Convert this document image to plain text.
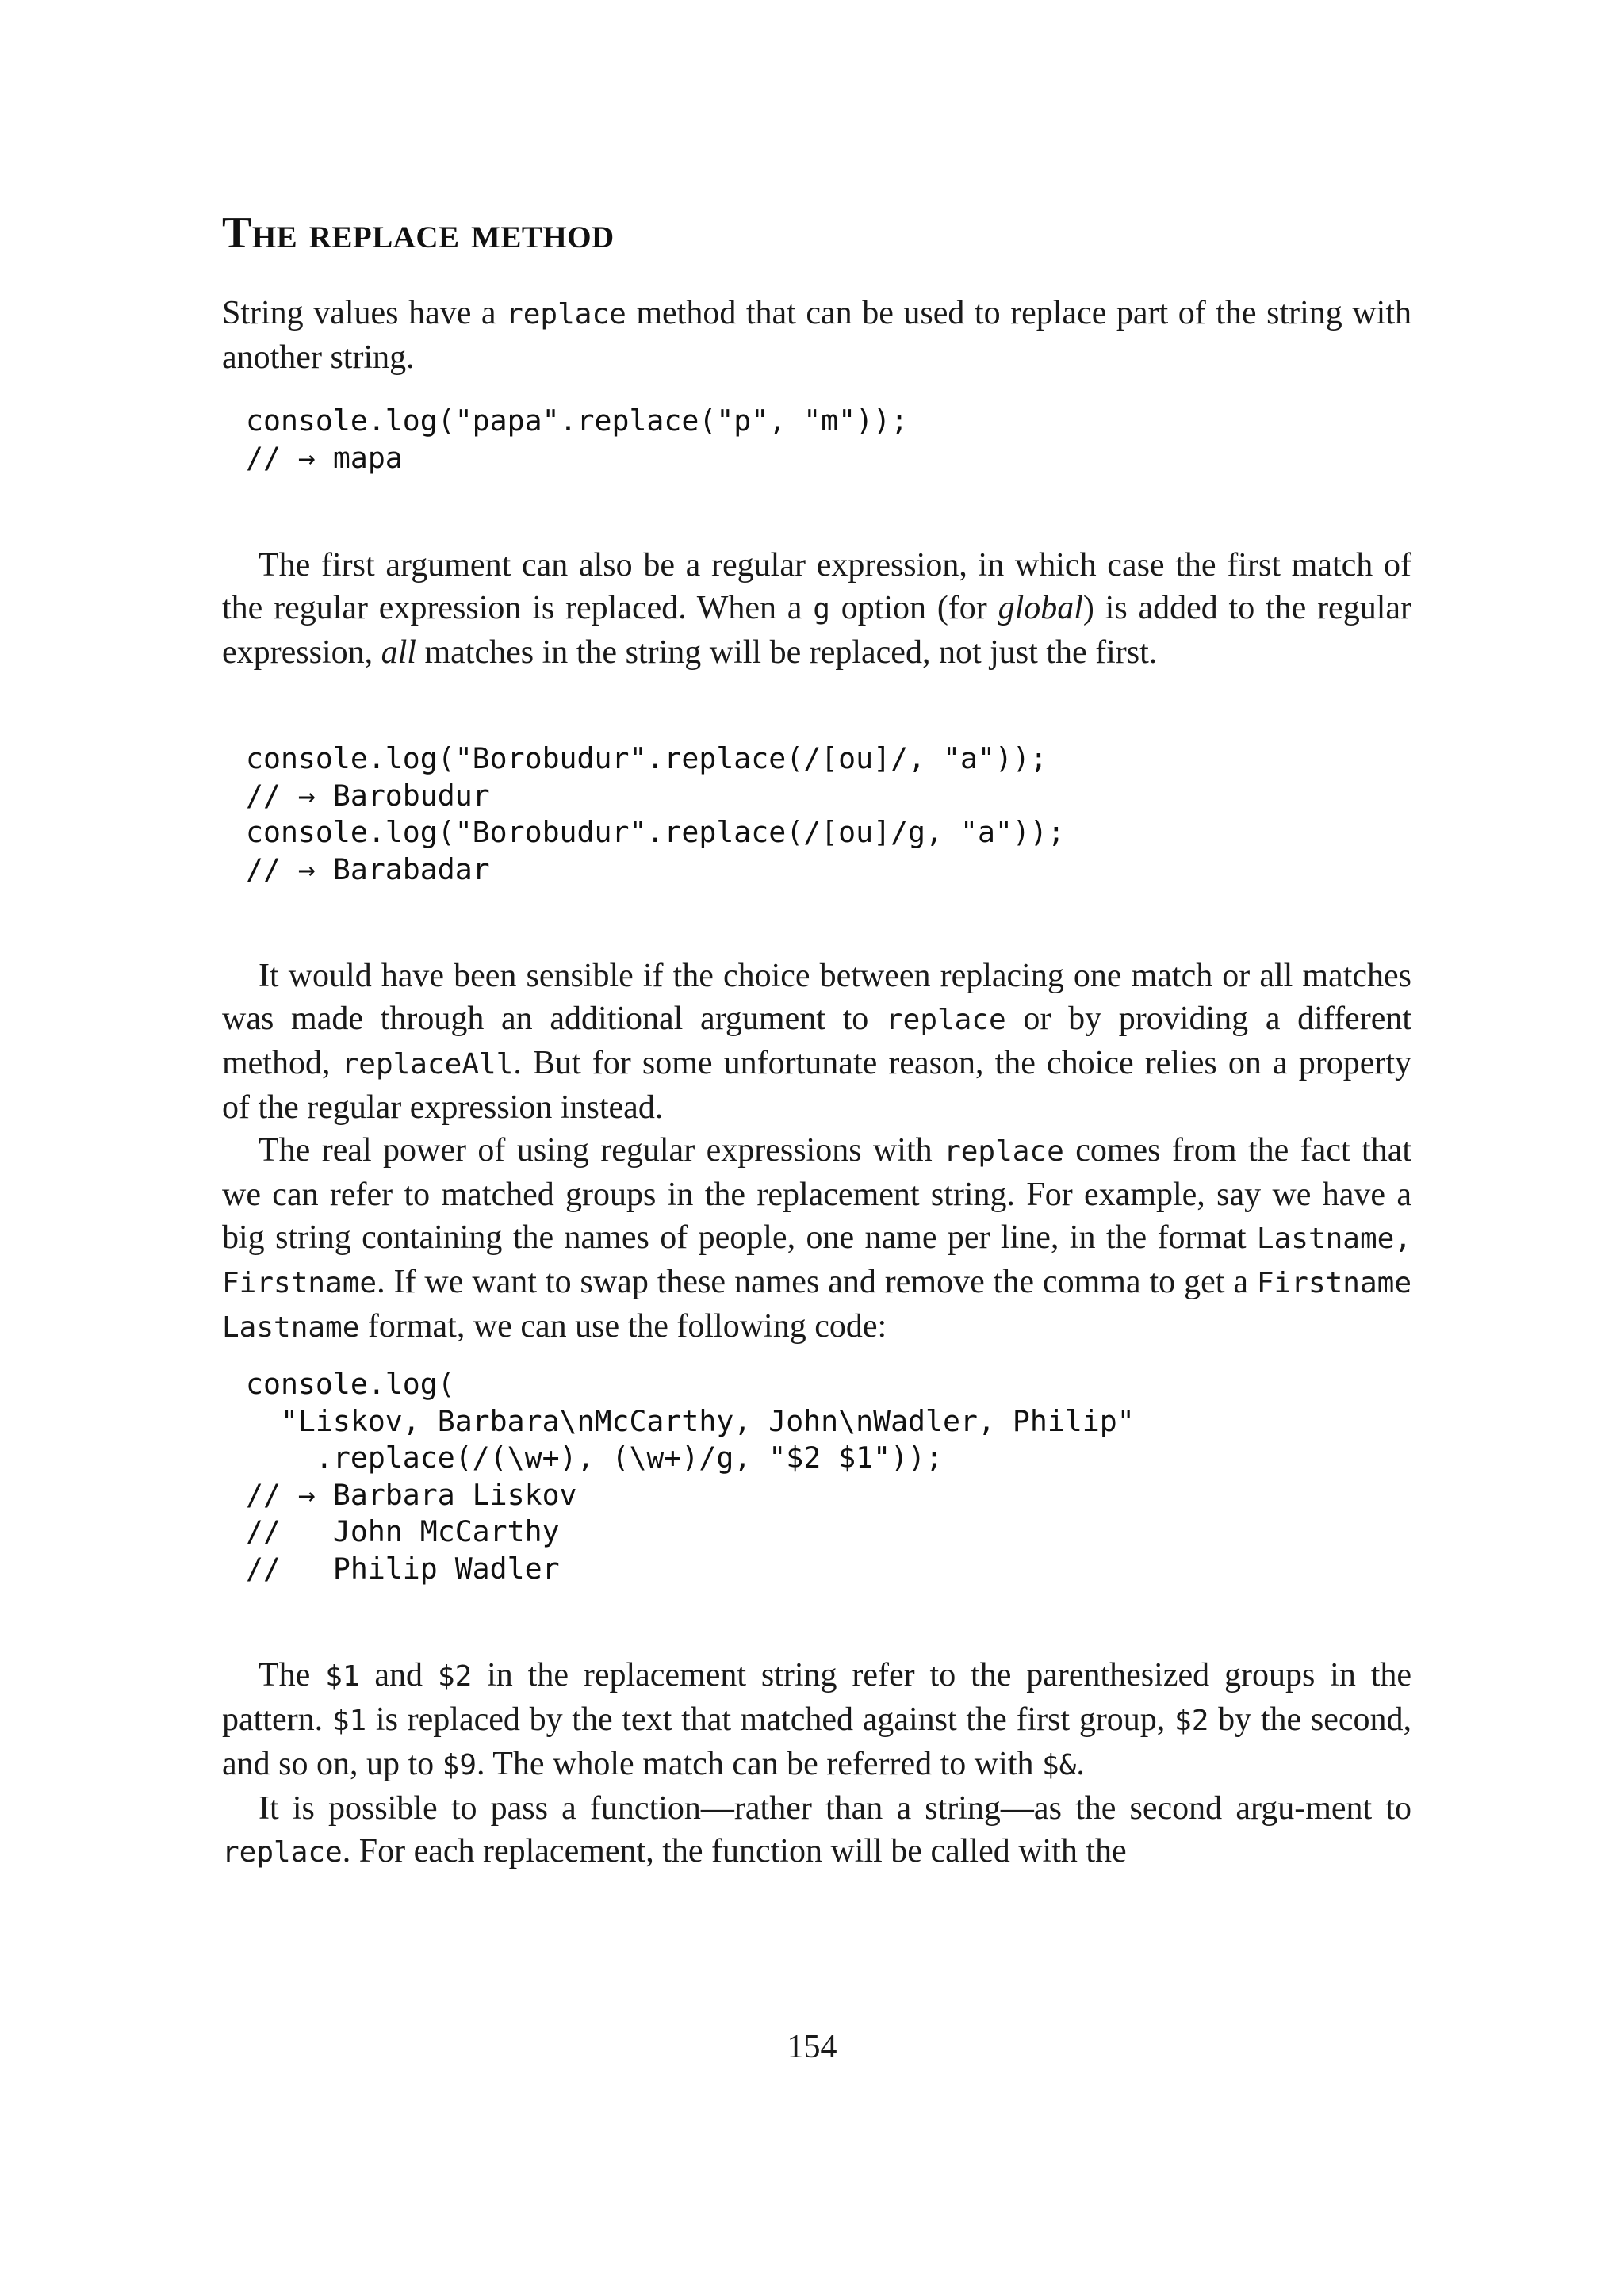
The replace method

String values have a replace method that can be used to replace part of the string with another string.

console.log("papa".replace("p", "m"));
// → mapa

The first argument can also be a regular expression, in which case the first match of the regular expression is replaced. When a g option (for global) is added to the regular expression, all matches in the string will be replaced, not just the first.

console.log("Borobudur".replace(/[ou]/, "a"));
// → Barobudur
console.log("Borobudur".replace(/[ou]/g, "a"));
// → Barabadar

It would have been sensible if the choice between replacing one match or all matches was made through an additional argument to replace or by providing a different method, replaceAll. But for some unfortunate reason, the choice relies on a property of the regular expression instead.

The real power of using regular expressions with replace comes from the fact that we can refer to matched groups in the replacement string. For example, say we have a big string containing the names of people, one name per line, in the format Lastname, Firstname. If we want to swap these names and remove the comma to get a Firstname Lastname format, we can use the following code:

console.log(
"Liskov, Barbara\nMcCarthy, John\nWadler, Philip"
.replace(/(\w+), (\w+)/g, "$2 $1"));
// → Barbara Liskov
//   John McCarthy
//   Philip Wadler

The $1 and $2 in the replacement string refer to the parenthesized groups in the pattern. $1 is replaced by the text that matched against the first group, $2 by the second, and so on, up to $9. The whole match can be referred to with $&.

It is possible to pass a function—rather than a string—as the second argu-ment to replace. For each replacement, the function will be called with the

154
